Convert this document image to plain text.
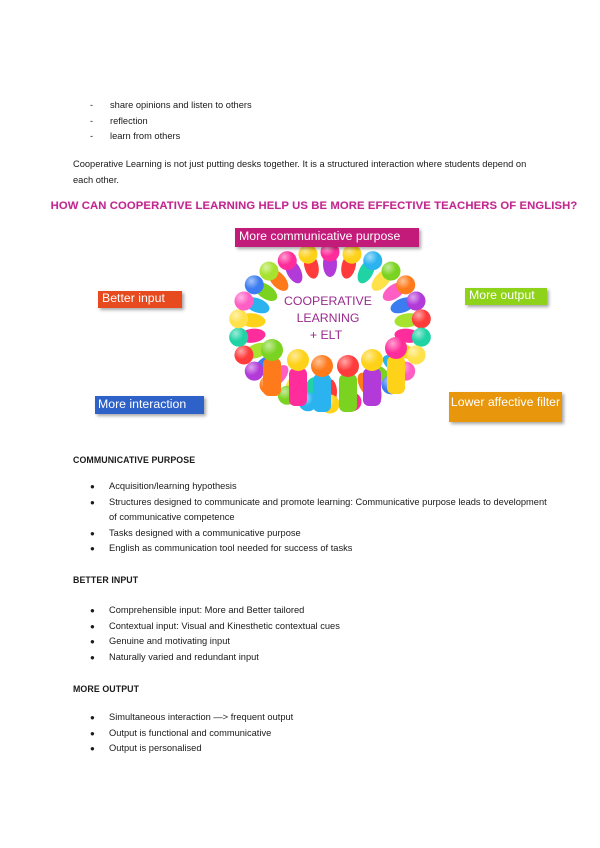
- share opinions and listen to others
- reflection
- learn from others

Cooperative Learning is not just putting desks together. It is a structured interaction where students depend on each other.

HOW CAN COOPERATIVE LEARNING HELP US BE MORE EFFECTIVE TEACHERS OF ENGLISH?

COOPERATIVE
LEARNING
+ ELT
More communicative purpose
Better input	More output
More interaction	Lower affective filter

COMMUNICATIVE PURPOSE

● Acquisition/learning hypothesis
● Structures designed to communicate and promote learning: Communicative purpose leads to development of communicative competence
● Tasks designed with a communicative purpose
● English as communication tool needed for success of tasks

BETTER INPUT

● Comprehensible input: More and Better tailored
● Contextual input: Visual and Kinesthetic contextual cues
● Genuine and motivating input
● Naturally varied and redundant input

MORE OUTPUT

● Simultaneous interaction —> frequent output
● Output is functional and communicative
● Output is personalised
